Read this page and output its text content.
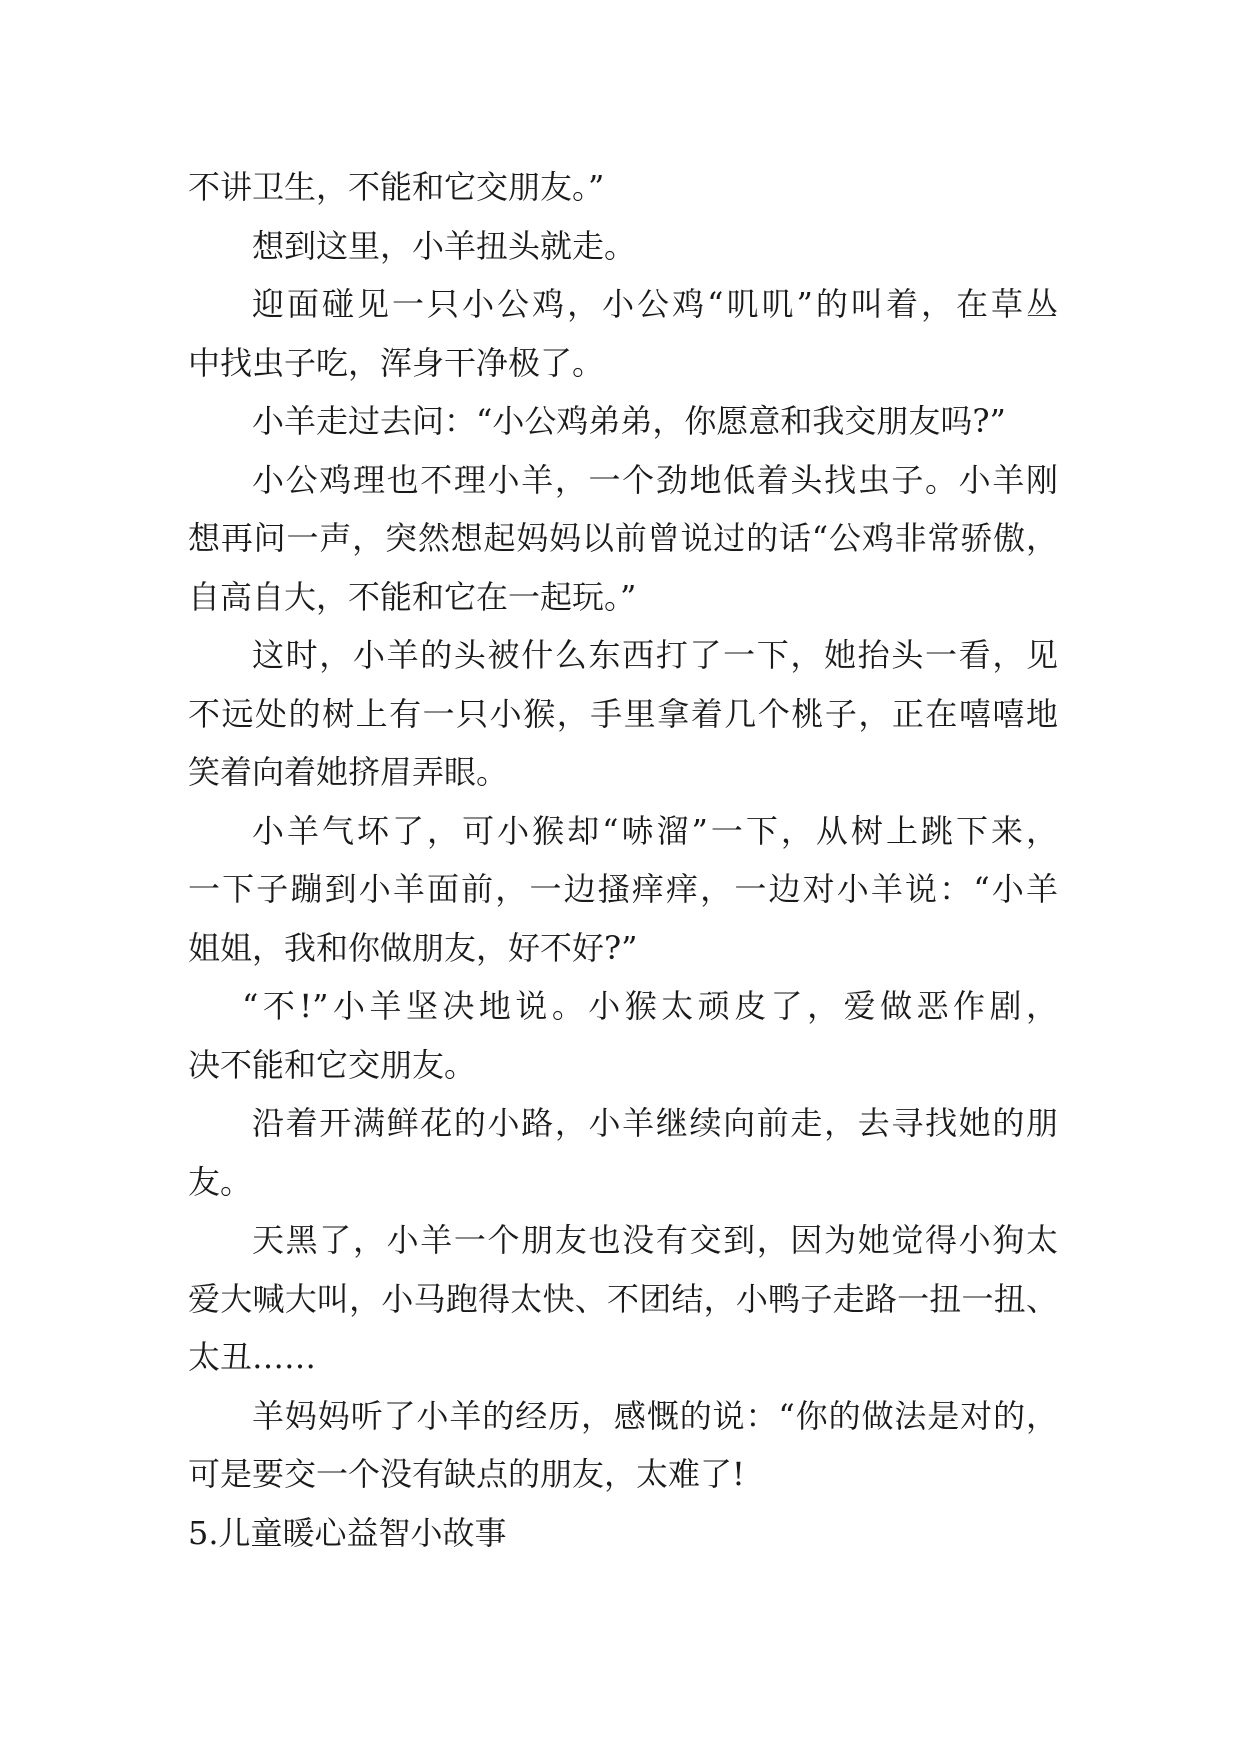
不讲卫生，不能和它交朋友。”
想到这里，小羊扭头就走。
迎面碰见一只小公鸡，小公鸡“叽叽”的叫着，在草丛
中找虫子吃，浑身干净极了。
小羊走过去问：“小公鸡弟弟，你愿意和我交朋友吗?”
小公鸡理也不理小羊，一个劲地低着头找虫子。小羊刚
想再问一声，突然想起妈妈以前曾说过的话“公鸡非常骄傲，
自高自大，不能和它在一起玩。”
这时，小羊的头被什么东西打了一下，她抬头一看，见
不远处的树上有一只小猴，手里拿着几个桃子，正在嘻嘻地
笑着向着她挤眉弄眼。
小羊气坏了，可小猴却“哧溜”一下，从树上跳下来，
一下子蹦到小羊面前，一边搔痒痒，一边对小羊说：“小羊
姐姐，我和你做朋友，好不好?”
“不!”小羊坚决地说。小猴太顽皮了，爱做恶作剧，
决不能和它交朋友。
沿着开满鲜花的小路，小羊继续向前走，去寻找她的朋
友。
天黑了，小羊一个朋友也没有交到，因为她觉得小狗太
爱大喊大叫，小马跑得太快、不团结，小鸭子走路一扭一扭、
太丑……
羊妈妈听了小羊的经历，感慨的说：“你的做法是对的，
可是要交一个没有缺点的朋友，太难了!
5.儿童暖心益智小故事
